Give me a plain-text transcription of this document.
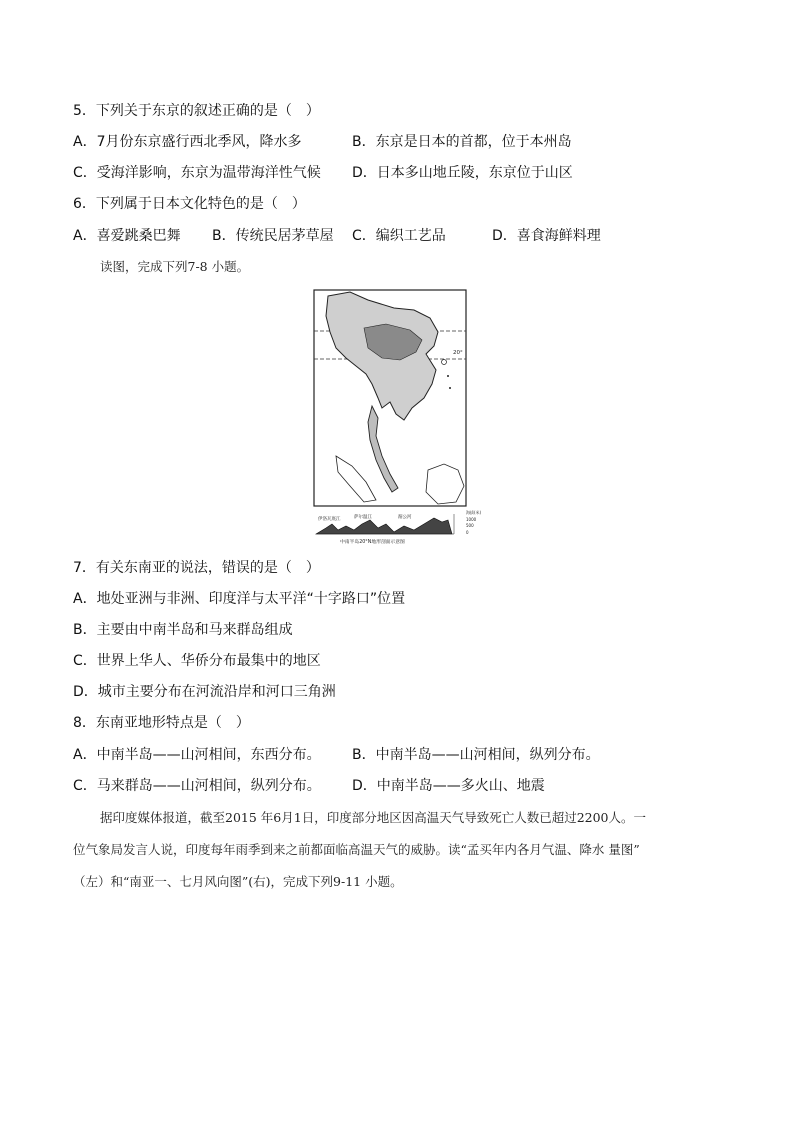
5．下列关于东京的叙述正确的是（　）
A．7月份东京盛行西北季风，降水多	B．东京是日本的首都，位于本州岛
C．受海洋影响，东京为温带海洋性气候 D．日本多山地丘陵，东京位于山区
6．下列属于日本文化特色的是（　）
A．喜爱跳桑巴舞 B．传统民居茅草屋 C．编织工艺品	D．喜食海鲜料理
读图，完成下列7-8 小题。
20°
伊洛瓦底江	萨尔温江	湄公河
海拔(米)
1000
500
0
中南半岛20°N地形剖面示意图
7．有关东南亚的说法，错误的是（　）
A．地处亚洲与非洲、印度洋与太平洋“十字路口”位置
B．主要由中南半岛和马来群岛组成
C．世界上华人、华侨分布最集中的地区
D．城市主要分布在河流沿岸和河口三角洲
8．东南亚地形特点是（　）
A．中南半岛——山河相间，东西分布。 B．中南半岛——山河相间，纵列分布。
C．马来群岛——山河相间，纵列分布。 D．中南半岛——多火山、地震
据印度媒体报道，截至2015 年6月1日，印度部分地区因高温天气导致死亡人数已超过2200人。一
位气象局发言人说，印度每年雨季到来之前都面临高温天气的威胁。读“孟买年内各月气温、降水 量图”
（左）和“南亚一、七月风向图”(右)，完成下列9-11 小题。
